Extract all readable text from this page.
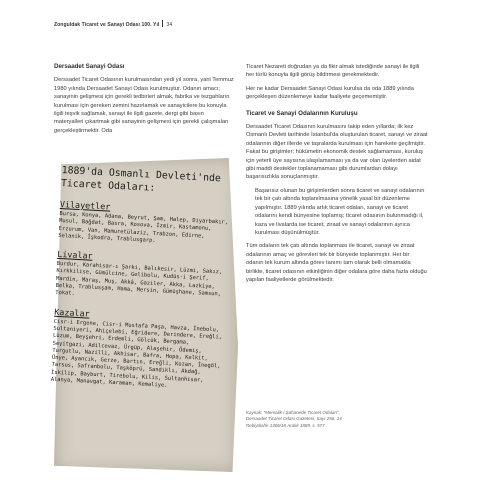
Zonguldak Ticaret ve Sanayi Odası 100. Yıl 34

Dersaadet Sanayi Odası

Derssadet Ticaret Odasının kurulmasından yedi yıl sonra, yani Temmuz 1980 yılında Dersaadet Sanayi Odası kurulmuştur. Odanın amacı; sanayinin gelişmesi için gerekli tedbirleri almak, fabrika ve tezgahların kurulması için gereken zemini hazırlamak ve sanayicilere bu konuyla ilgili teşvik sağlamak, sanayi ile ilgili gazete, dergi gibi basın materyalleri çıkartmak gibi sanayinin gelişmesi için gerekli çalışmaları gerçekleştirmektir. Oda

1889'da Osmanlı Devleti'nde Ticaret Odaları:
Vilayetler
Bursa, Konya, Adana, Beyrut, Şam, Halep, Diyarbakır, Musul, Bağdat, Basra, Kosova, İzmir, Kastamonu, Erzurum, Van, Mamuretülaziz, Trabzon, Edirne, Selanik, İşkodra, Trablusgarp.
Livalar
Burdur, Karahisar-ı Şarki, Balıkesir, Lüzmi, Sakız, Kırkkilise, Gümülcine, Gelibolu, Kudüs-i Şerif, Mardin, Maraş, Muş, Akkâ, Gaziler, Akka, Lazkiye, Belka, Trablusşam, Hama, Mersin, Gümüşhane, Samsun, Tokat.
Kazalar
Cisr-i Ergene, Cisr-i Mustafa Paşa, Havza, İnebolu, Sultaniyeri, Ahiçelebi, Eğridere, Derindere, Ereğli, Lüzum, Beyşehri, Erdemli, Gölcük, Bergama, Seyitgazi, Adilcevaz, Ürgüp, Alaşehir, Ödemiş, Turgutlu, Nazilli, Akhisar, Bafra, Hopa, Kelkit, Ünye, Ayancık, Gerze, Bartın, Ereğli, Kozan, İnegöl, Tarsus, Safranbolu, Taşköprü, Sandıklı, Akdağ, İskilip, Bayburt, Tirebolu, Kilis, Sultanhisar, Alanya, Manavgat, Karaman, Kemaliye.

Ticaret Nezareti doğrudan ya da fikir almak istediğinde sanayi ile ilgili her türlü konuyla ilgili görüş bildirmesi gerekmektedir.

Her ne kadar Dersaadet Sanayi Odası kurulsa da oda 1889 yılında gerçekleşen düzenlemeye kadar faaliyete geçememiştir.

Ticaret ve Sanayi Odalarının Kuruluşu

Dersaadet Ticaret Odasının kurulmasını takip eden yıllarda; ilk kez Osmanlı Devleti tarihinde İstanbul'da oluşturulan ticaret, sanayi ve ziraat odalarının diğer illerde ve taşralarda kurulması için harekete geçilmiştir. Fakat bu girişimler; hükümetin ekonomik destek sağlamaması, kuruluş için yeterli üye sayısına ulaşılamaması ya da var olan üyelerden aidat gibi maddi destekler toplanamaması gibi durumlardan dolayı başarısızlıkla sonuçlanmıştır.

Başarısız olunan bu girişimlerden sonra ticaret ve sanayi odalarının tek bir çatı altında toplanılmasına yönelik yasal bir düzenleme yapılmıştır. 1889 yılında artık ticaret odaları, sanayi ve ticaret odalarını kendi bünyesine toplamış; ticaret odasının bulunmadığı il, kaza ve livalarda ise ticaret, ziraat ve sanayi odalarının ayrıca kurulması düşünülmüştür.

Tüm odaların tek çatı altında toplanması ile ticaret, sanayi ve ziraat odalarının amaç ve görevleri tek bir bünyede toplanmıştır. Her bir odanın tek kurum altında görev tanımı tam olarak belli olmamakla birlikte, ticaret odasının etkinliğinin diğer odalara göre daha fazla olduğu yapılan faaliyetlerde görülmektedir.

Kaynak: "Memalik-i Şahanede Ticaret Odaları", Dersaadet Ticaret Odası Gazetesi, Sayı 256, 14 Rebiyülahir 1306/18 Aralık 1889, s. 577.
